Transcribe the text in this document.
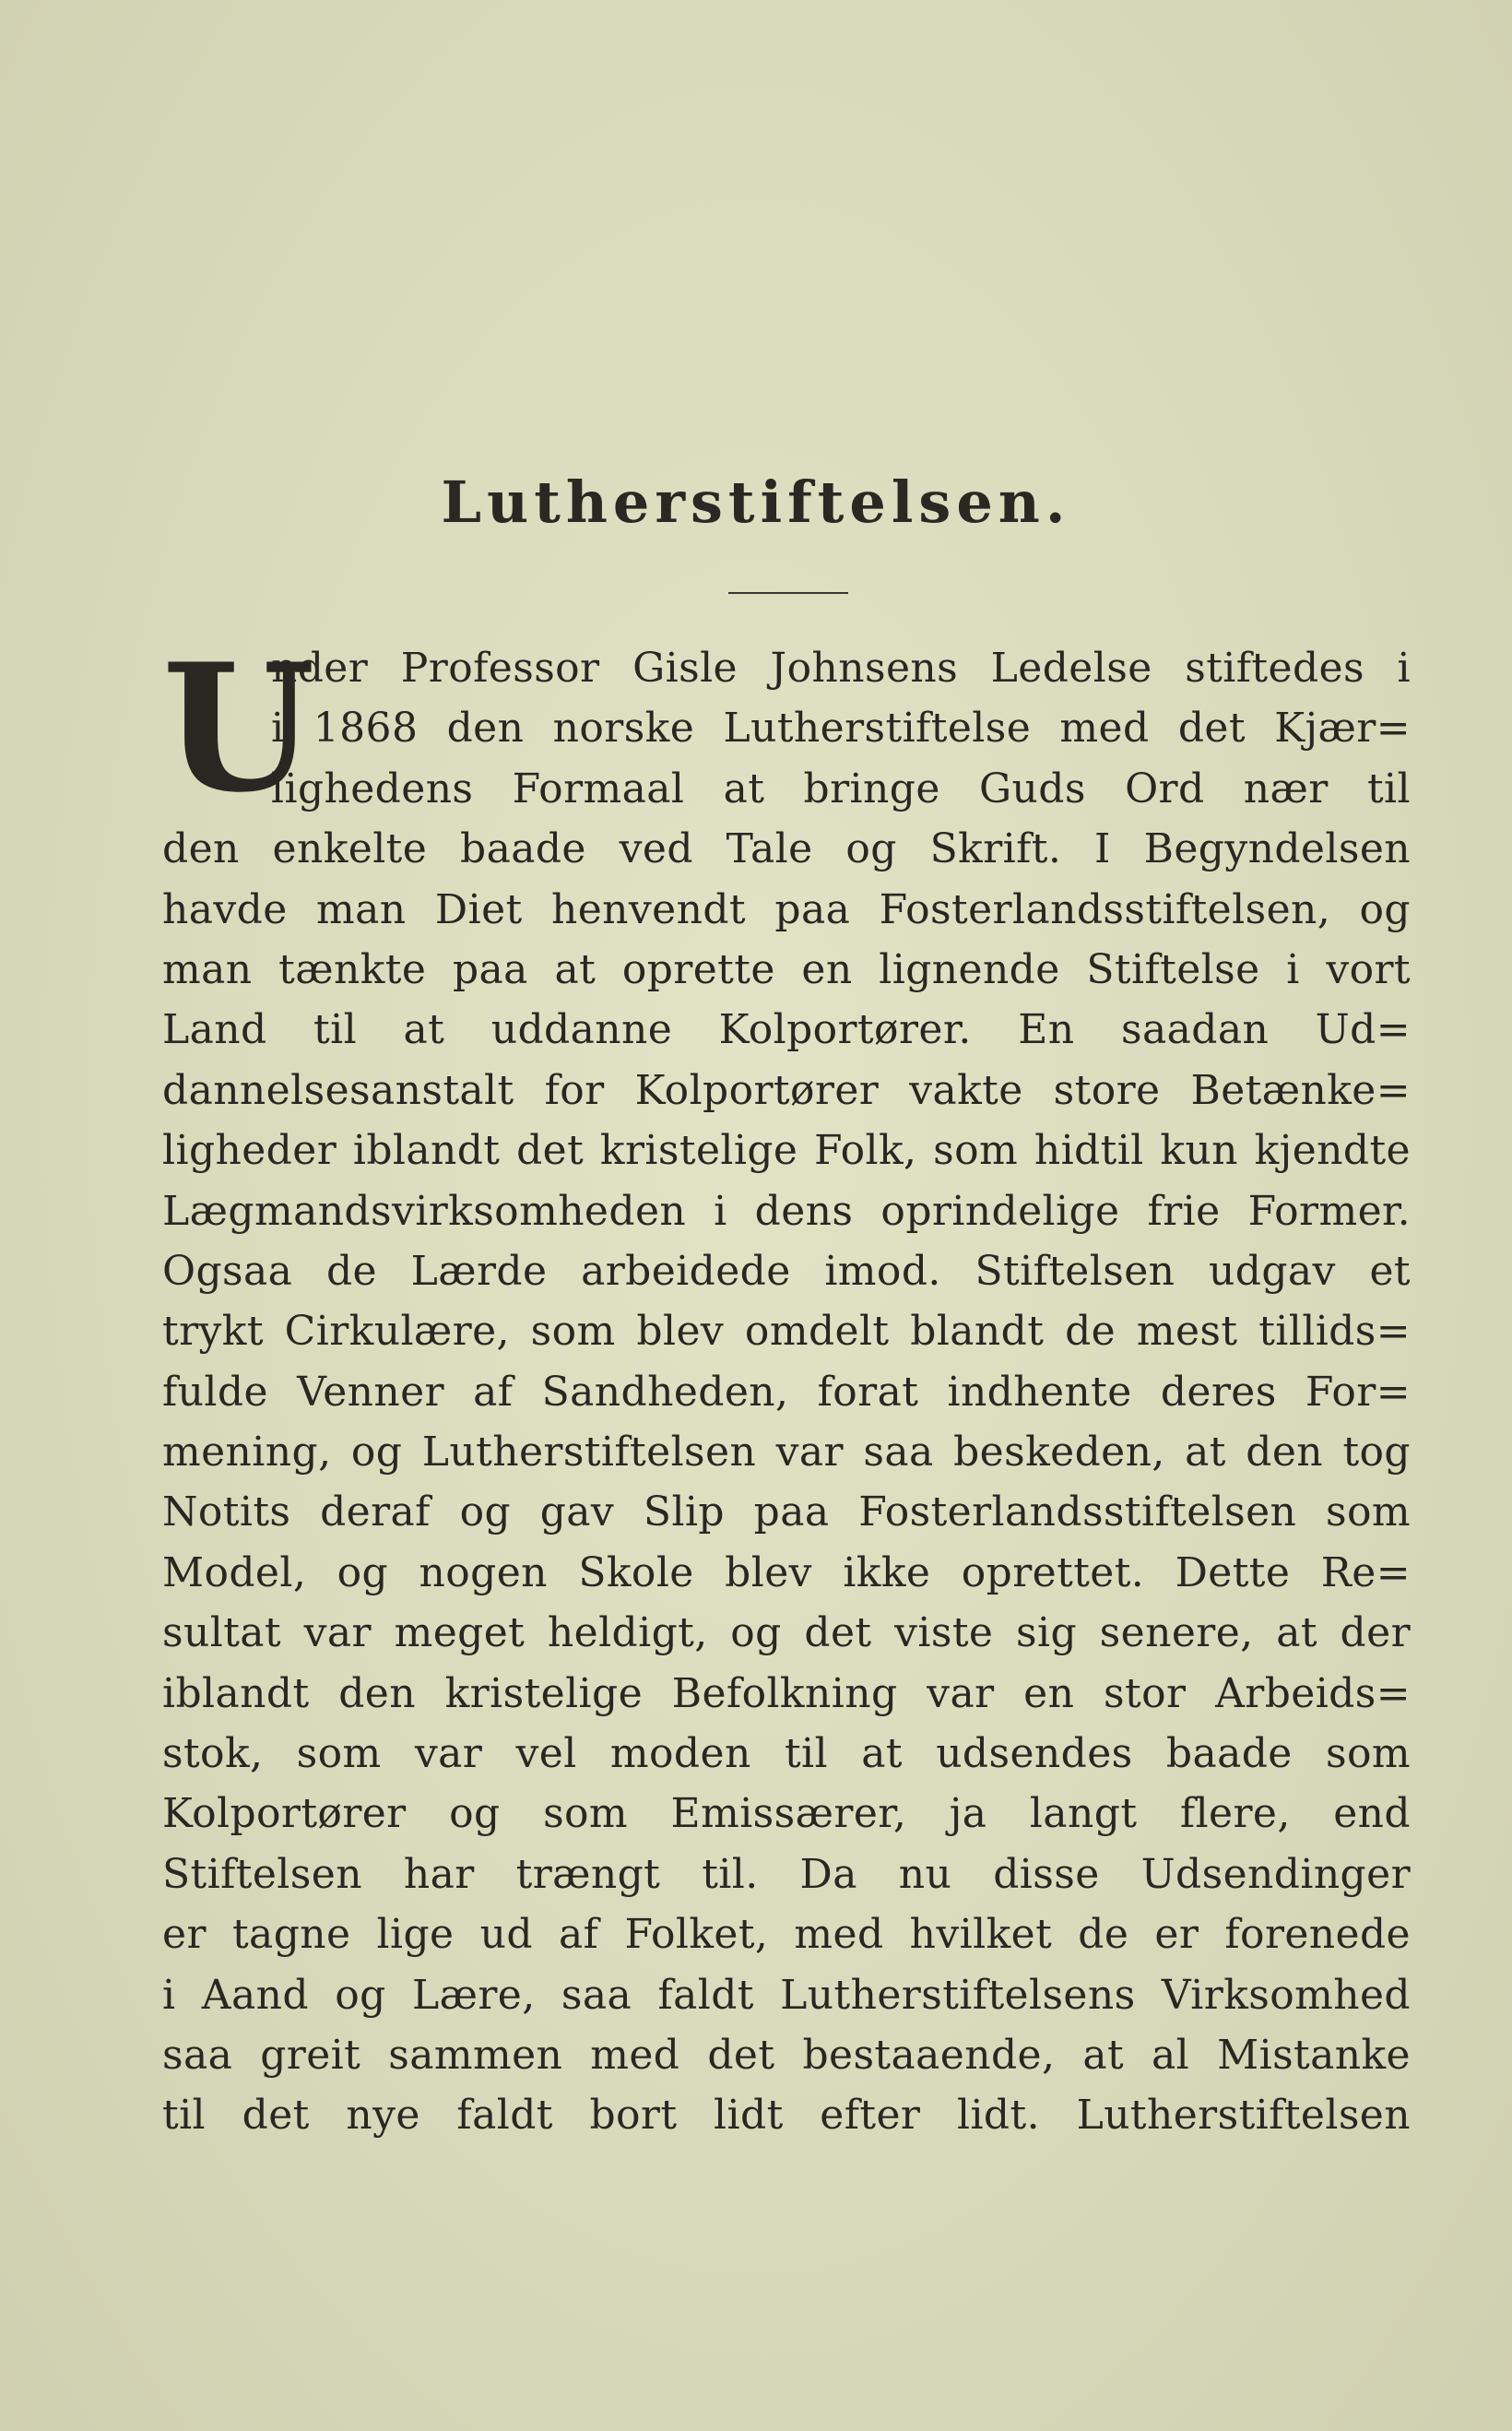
Lutherstiftelsen.
U
nder Professor Gisle Johnsens Ledelse stiftedes i
i 1868 den norske Lutherstiftelse med det Kjær=
lighedens Formaal at bringe Guds Ord nær til
den enkelte baade ved Tale og Skrift. I Begyndelsen
havde man Diet henvendt paa Fosterlandsstiftelsen, og
man tænkte paa at oprette en lignende Stiftelse i vort
Land til at uddanne Kolportører. En saadan Ud=
dannelsesanstalt for Kolportører vakte store Betænke=
ligheder iblandt det kristelige Folk, som hidtil kun kjendte
Lægmandsvirksomheden i dens oprindelige frie Former.
Ogsaa de Lærde arbeidede imod. Stiftelsen udgav et
trykt Cirkulære, som blev omdelt blandt de mest tillids=
fulde Venner af Sandheden, forat indhente deres For=
mening, og Lutherstiftelsen var saa beskeden, at den tog
Notits deraf og gav Slip paa Fosterlandsstiftelsen som
Model, og nogen Skole blev ikke oprettet. Dette Re=
sultat var meget heldigt, og det viste sig senere, at der
iblandt den kristelige Befolkning var en stor Arbeids=
stok, som var vel moden til at udsendes baade som
Kolportører og som Emissærer, ja langt flere, end
Stiftelsen har trængt til. Da nu disse Udsendinger
er tagne lige ud af Folket, med hvilket de er forenede
i Aand og Lære, saa faldt Lutherstiftelsens Virksomhed
saa greit sammen med det bestaaende, at al Mistanke
til det nye faldt bort lidt efter lidt. Lutherstiftelsen
